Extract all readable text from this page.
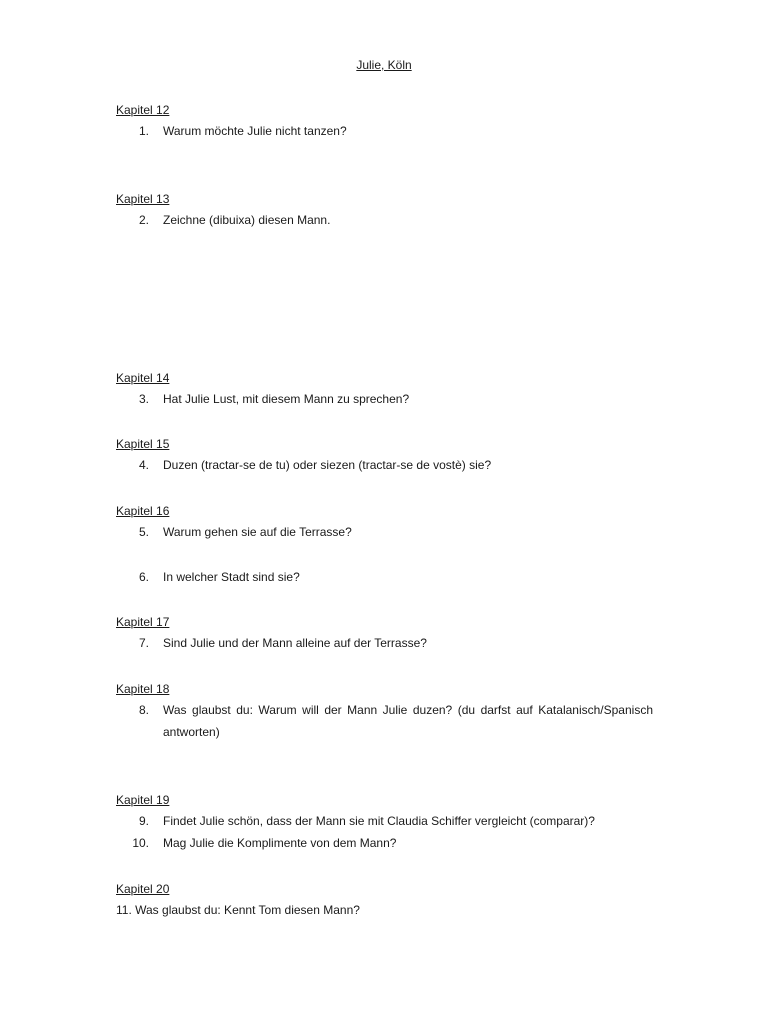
Julie, Köln
Kapitel 12
1. Warum möchte Julie nicht tanzen?
Kapitel 13
2. Zeichne (dibuixa) diesen Mann.
Kapitel 14
3. Hat Julie Lust, mit diesem Mann zu sprechen?
Kapitel 15
4. Duzen (tractar-se de tu) oder siezen (tractar-se de vostè) sie?
Kapitel 16
5. Warum gehen sie auf die Terrasse?
6. In welcher Stadt sind sie?
Kapitel 17
7. Sind Julie und der Mann alleine auf der Terrasse?
Kapitel 18
8. Was glaubst du: Warum will der Mann Julie duzen? (du darfst auf Katalanisch/Spanisch antworten)
Kapitel 19
9. Findet Julie schön, dass der Mann sie mit Claudia Schiffer vergleicht (comparar)?
10. Mag Julie die Komplimente von dem Mann?
Kapitel 20
11. Was glaubst du: Kennt Tom diesen Mann?
